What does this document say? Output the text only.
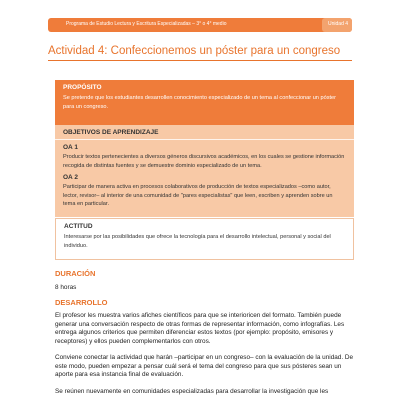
Programa de Estudio Lectura y Escritura Especializadas – 3° o 4° medio	Unidad 4
Actividad 4: Confeccionemos un póster para un congreso

PROPÓSITO

Se pretende que los estudiantes desarrollen conocimiento especializado de un tema al confeccionar un póster para un congreso.

OBJETIVOS DE APRENDIZAJE

OA 1

Producir textos pertenecientes a diversos géneros discursivos académicos, en los cuales se gestione información recogida de distintas fuentes y se demuestre dominio especializado de un tema.

OA 2

Participar de manera activa en procesos colaborativos de producción de textos especializados –como autor, lector, revisor– al interior de una comunidad de "pares especialistas" que leen, escriben y aprenden sobre un tema en particular.

ACTITUD

Interesarse por las posibilidades que ofrece la tecnología para el desarrollo intelectual, personal y social del individuo.

DURACIÓN
8 horas
DESARROLLO
El profesor les muestra varios afiches científicos para que se interioricen del formato. También puede generar una conversación respecto de otras formas de representar información, como infografías. Les entrega algunos criterios que permiten diferenciar estos textos (por ejemplo: propósito, emisores y receptores) y ellos pueden complementarlos con otros.
Conviene conectar la actividad que harán –participar en un congreso– con la evaluación de la unidad. De este modo, pueden empezar a pensar cuál será el tema del congreso para que sus pósteres sean un aporte para esa instancia final de evaluación.
Se reúnen nuevamente en comunidades especializadas para desarrollar la investigación que les
